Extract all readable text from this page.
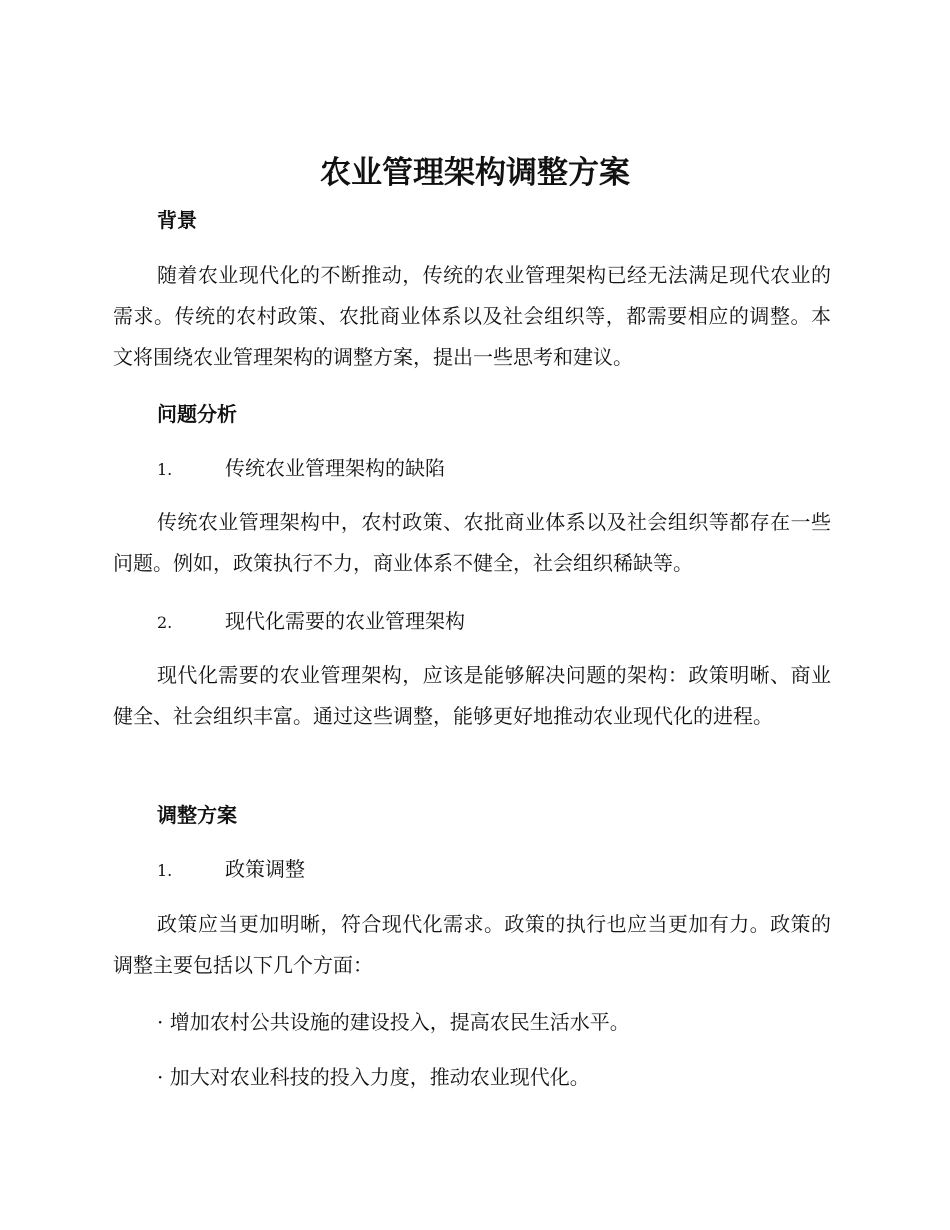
农业管理架构调整方案
背景
随着农业现代化的不断推动，传统的农业管理架构已经无法满足现代农业的需求。传统的农村政策、农批商业体系以及社会组织等，都需要相应的调整。本文将围绕农业管理架构的调整方案，提出一些思考和建议。
问题分析
1.	传统农业管理架构的缺陷
传统农业管理架构中，农村政策、农批商业体系以及社会组织等都存在一些问题。例如，政策执行不力，商业体系不健全，社会组织稀缺等。
2.	现代化需要的农业管理架构
现代化需要的农业管理架构，应该是能够解决问题的架构：政策明晰、商业健全、社会组织丰富。通过这些调整，能够更好地推动农业现代化的进程。
调整方案
1.	政策调整
政策应当更加明晰，符合现代化需求。政策的执行也应当更加有力。政策的调整主要包括以下几个方面：
· 增加农村公共设施的建设投入，提高农民生活水平。
· 加大对农业科技的投入力度，推动农业现代化。
